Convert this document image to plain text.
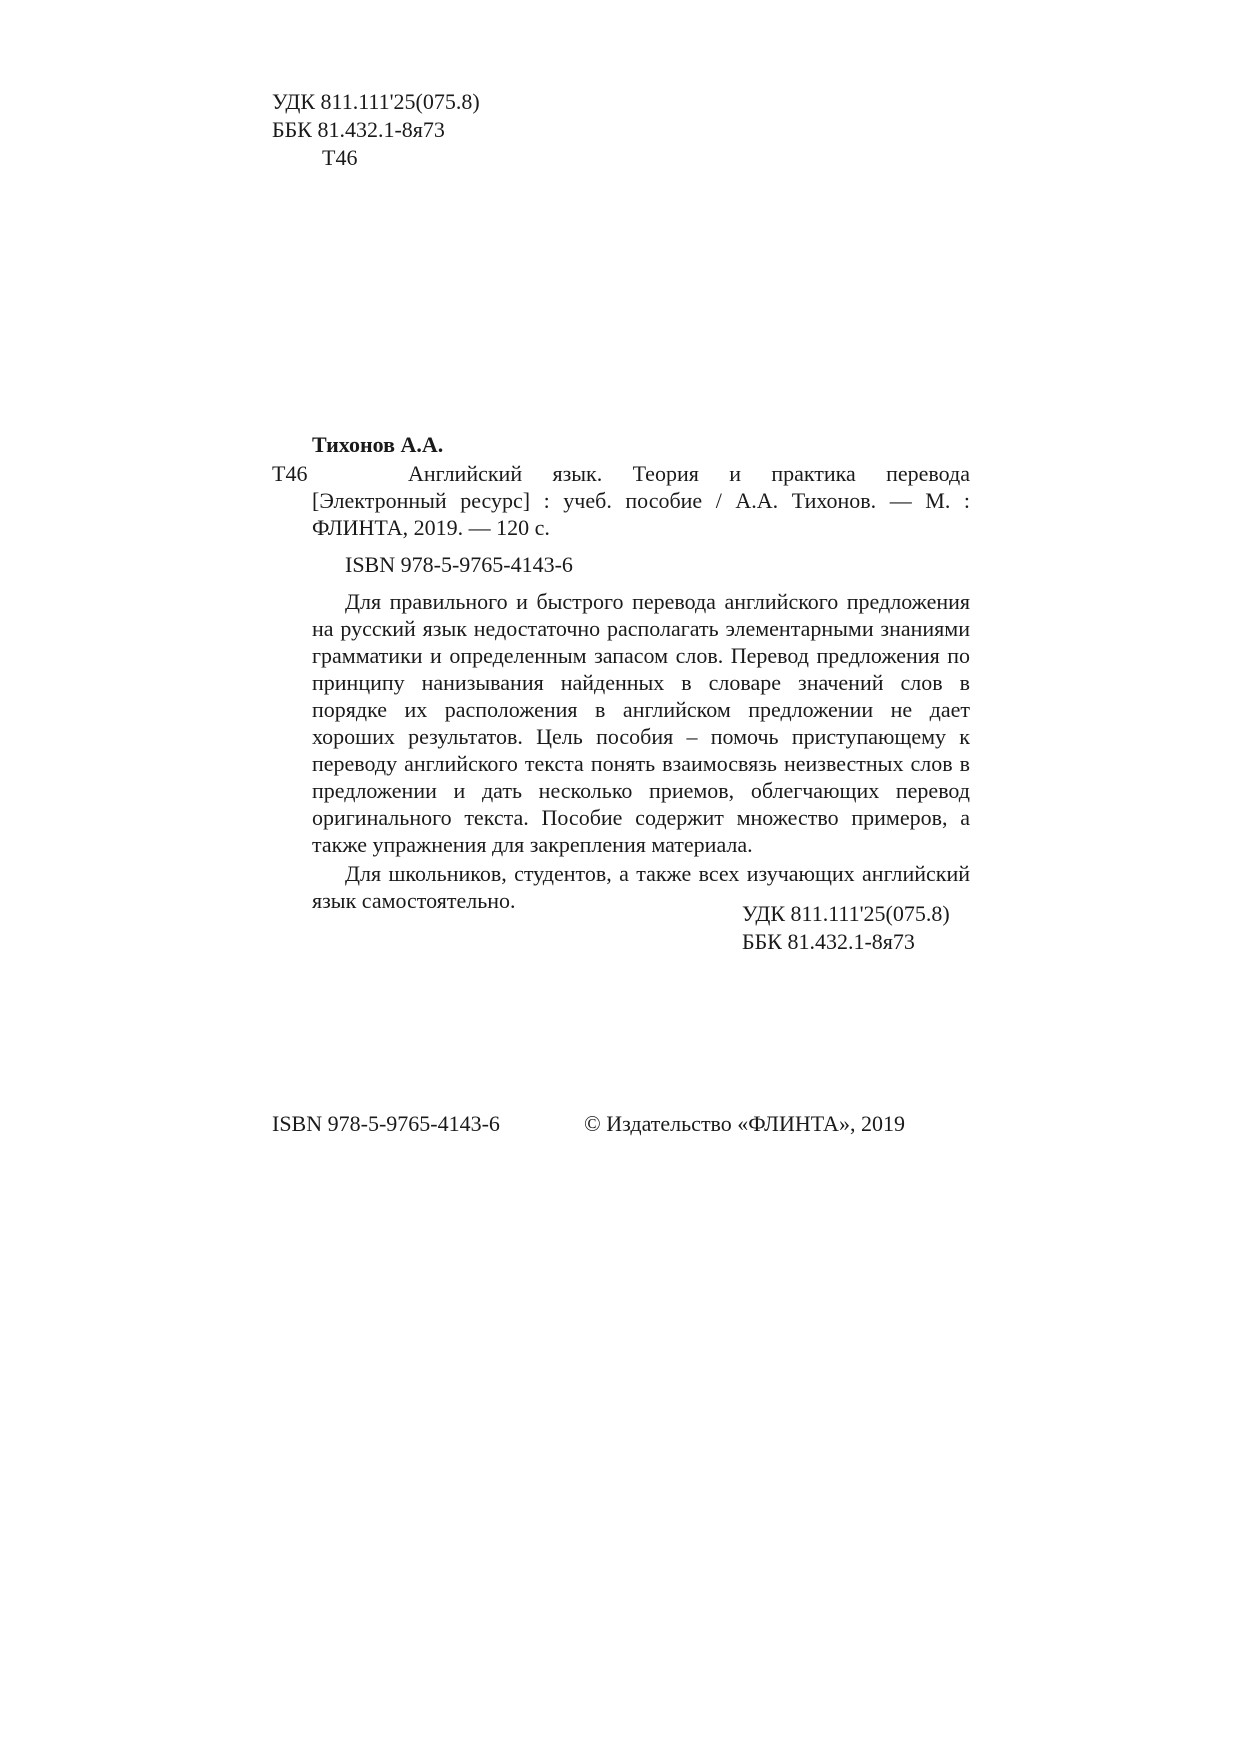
УДК 811.111'25(075.8)
ББК 81.432.1-8я73
Т46
Тихонов А.А.
Т46	Английский язык. Теория и практика перевода [Электронный ресурс] : учеб. пособие / А.А. Тихонов. — М. : ФЛИНТА, 2019. — 120 с.

ISBN 978-5-9765-4143-6

Для правильного и быстрого перевода английского предложения на русский язык недостаточно располагать элементарными знаниями грамматики и определенным запасом слов. Перевод предложения по принципу нанизывания найденных в словаре значений слов в порядке их расположения в английском предложении не дает хороших результатов. Цель пособия – помочь приступающему к переводу английского текста понять взаимосвязь неизвестных слов в предложении и дать несколько приемов, облегчающих перевод оригинального текста. Пособие содержит множество примеров, а также упражнения для закрепления материала.

Для школьников, студентов, а также всех изучающих английский язык самостоятельно.

УДК 811.111'25(075.8)
ББК 81.432.1-8я73
ISBN 978-5-9765-4143-6	© Издательство «ФЛИНТА», 2019
